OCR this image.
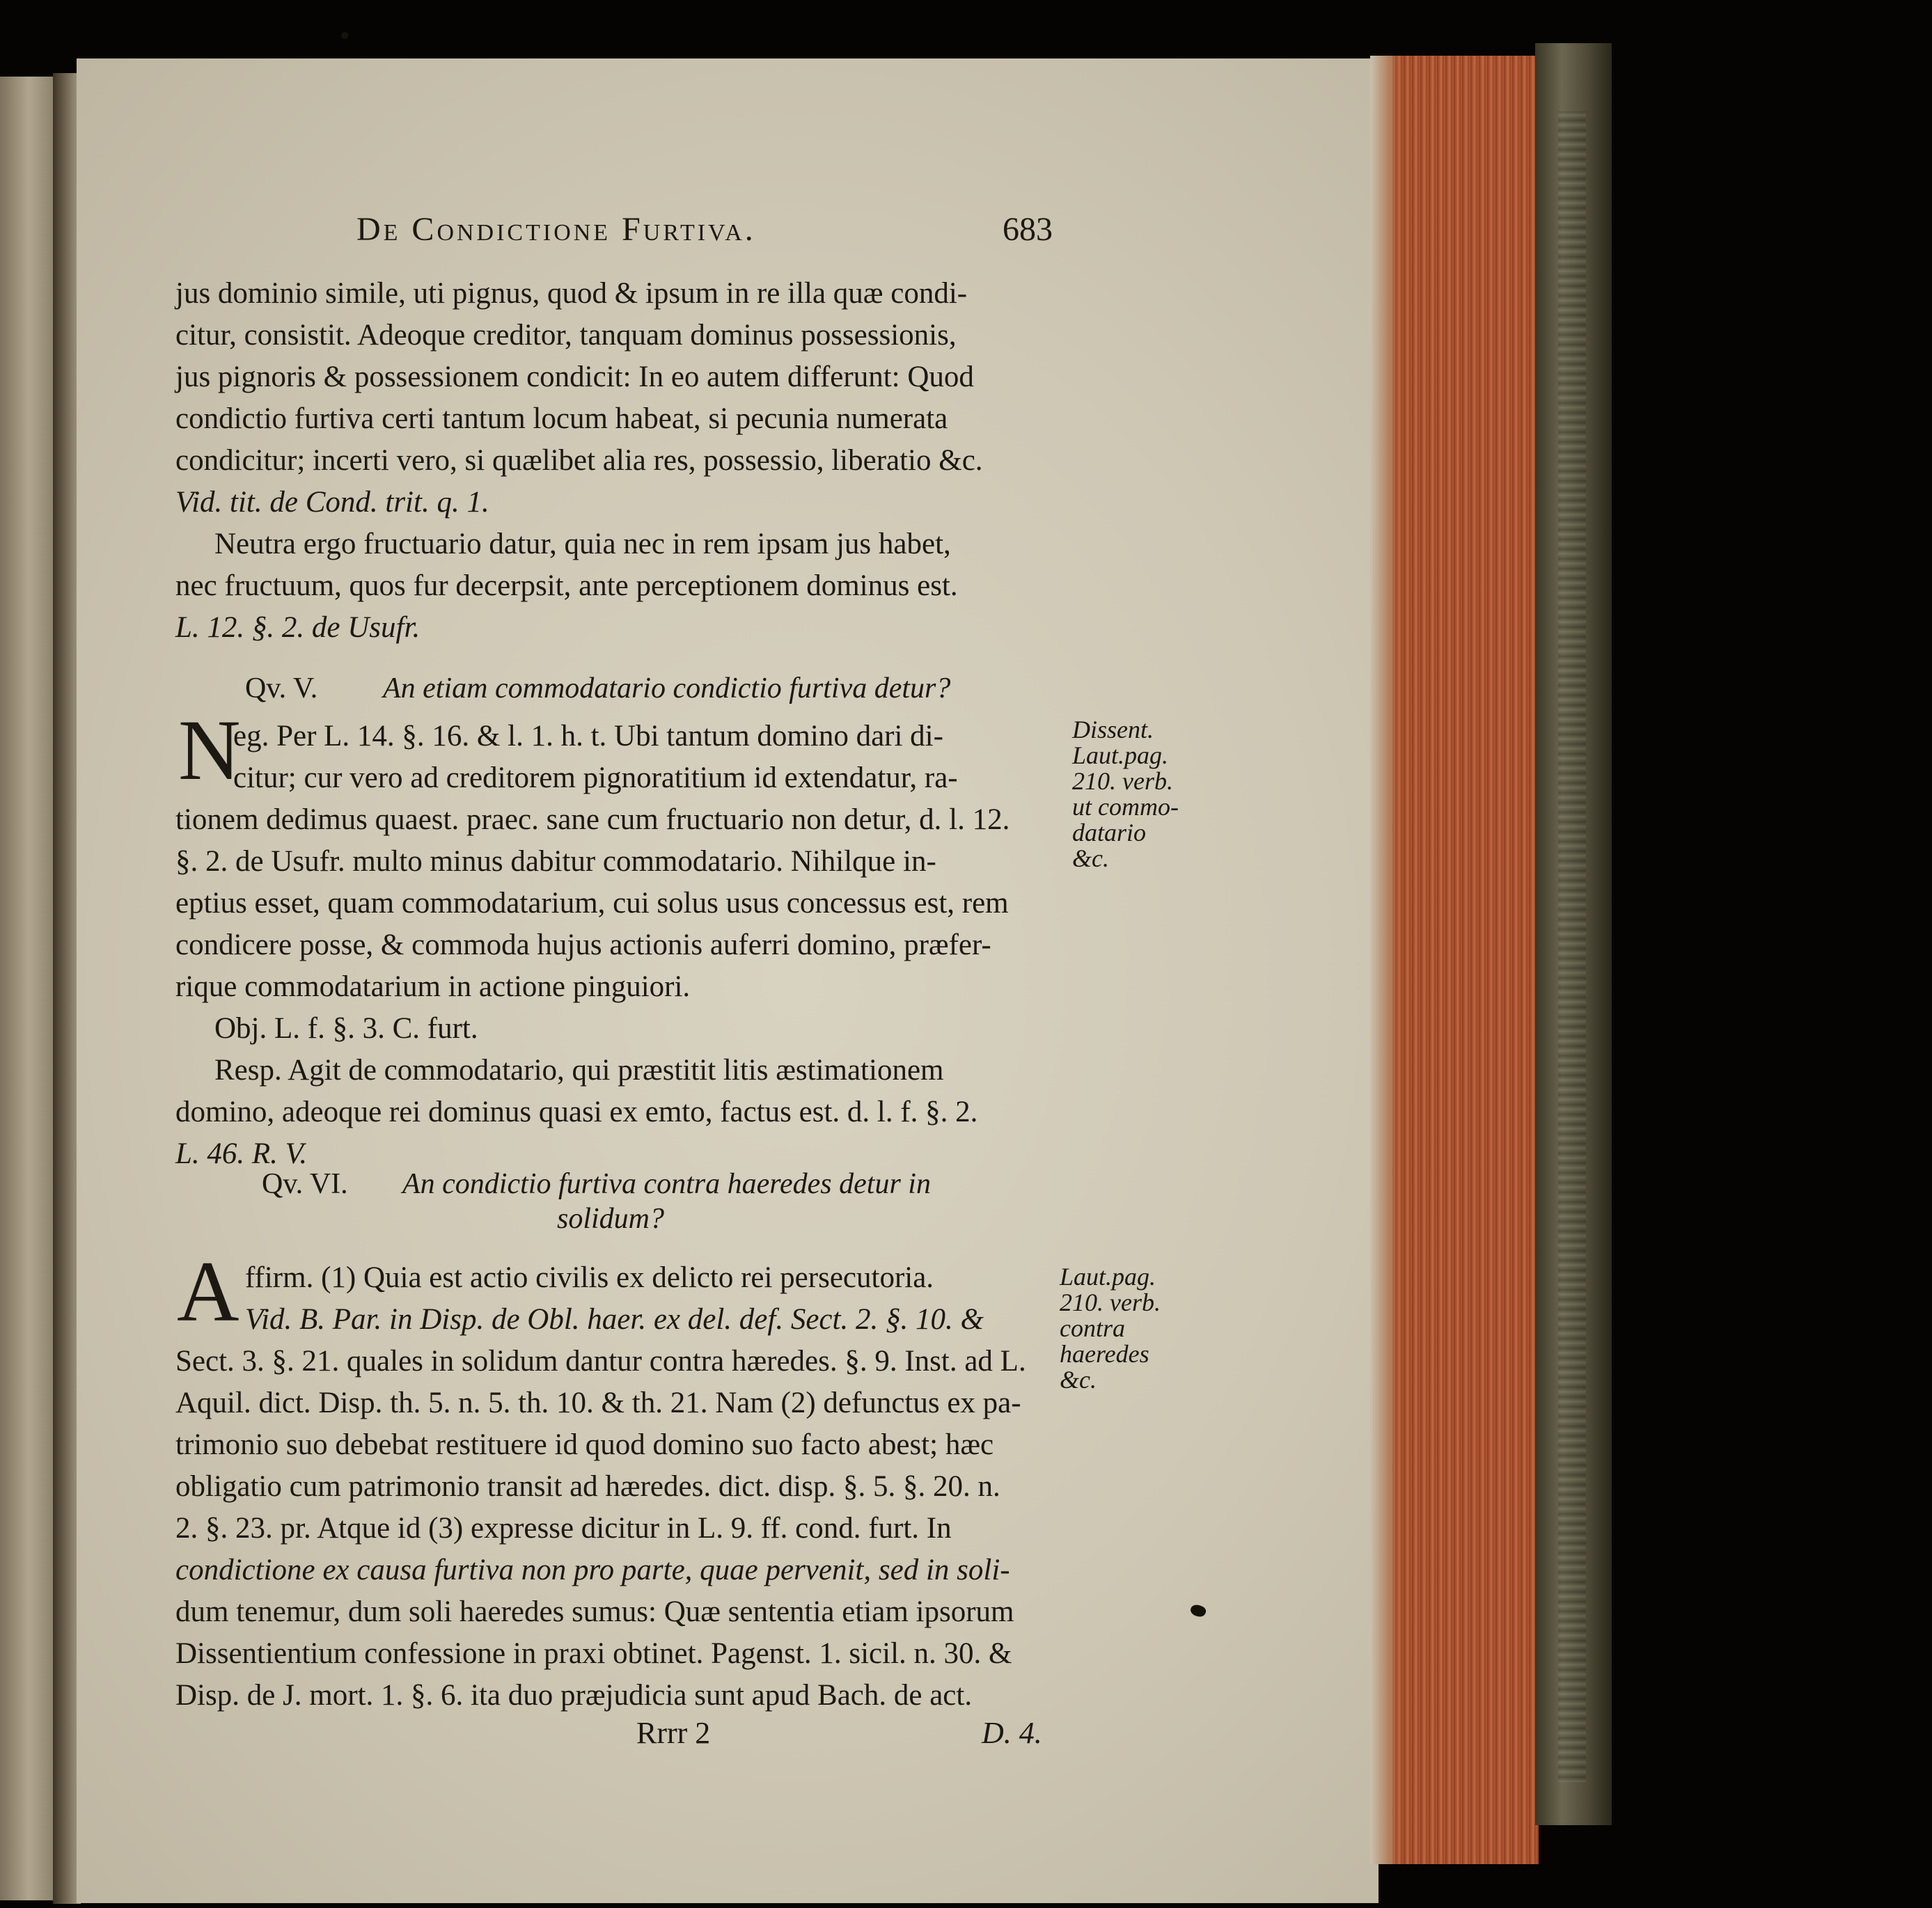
De Condictione Furtiva.	683
jus dominio simile, uti pignus, quod & ipsum in re illa quæ condi-
citur, consistit. Adeoque creditor, tanquam dominus possessionis,
jus pignoris & possessionem condicit: In eo autem differunt: Quod
condictio furtiva certi tantum locum habeat, si pecunia numerata
condicitur; incerti vero, si quælibet alia res, possessio, liberatio &c.
Vid. tit. de Cond. trit. q. 1.
Neutra ergo fructuario datur, quia nec in rem ipsam jus habet,
nec fructuum, quos fur decerpsit, ante perceptionem dominus est.
L. 12. §. 2. de Usufr.
Qv. V. An etiam commodatario condictio furtiva detur?
N
eg. Per L. 14. §. 16. & l. 1. h. t. Ubi tantum domino dari di-
citur; cur vero ad creditorem pignoratitium id extendatur, ra-
tionem dedimus quaest. praec. sane cum fructuario non detur, d. l. 12.
§. 2. de Usufr. multo minus dabitur commodatario. Nihilque in-
eptius esset, quam commodatarium, cui solus usus concessus est, rem
condicere posse, & commoda hujus actionis auferri domino, præfer-
rique commodatarium in actione pinguiori.
Obj. L. f. §. 3. C. furt.
Resp. Agit de commodatario, qui præstitit litis æstimationem
domino, adeoque rei dominus quasi ex emto, factus est. d. l. f. §. 2.
L. 46. R. V.
Dissent.
Laut.pag.
210. verb.
ut commo-
datario
&c.
Qv. VI. An condictio furtiva contra haeredes detur in
solidum?
A ffirm. (1) Quia est actio civilis ex delicto rei persecutoria.
Vid. B. Par. in Disp. de Obl. haer. ex del. def. Sect. 2. §. 10. &
Sect. 3. §. 21. quales in solidum dantur contra hæredes. §. 9. Inst. ad L.
Aquil. dict. Disp. th. 5. n. 5. th. 10. & th. 21. Nam (2) defunctus ex pa-
trimonio suo debebat restituere id quod domino suo facto abest; hæc
obligatio cum patrimonio transit ad hæredes. dict. disp. §. 5. §. 20. n.
2. §. 23. pr. Atque id (3) expresse dicitur in L. 9. ff. cond. furt. In
condictione ex causa furtiva non pro parte, quae pervenit, sed in soli-
dum tenemur, dum soli haeredes sumus: Quæ sententia etiam ipsorum
Dissentientium confessione in praxi obtinet. Pagenst. 1. sicil. n. 30. &
Disp. de J. mort. 1. §. 6. ita duo præjudicia sunt apud Bach. de act.
Laut.pag.
210. verb.
contra
haeredes
&c.
Rrrr 2	D. 4.
